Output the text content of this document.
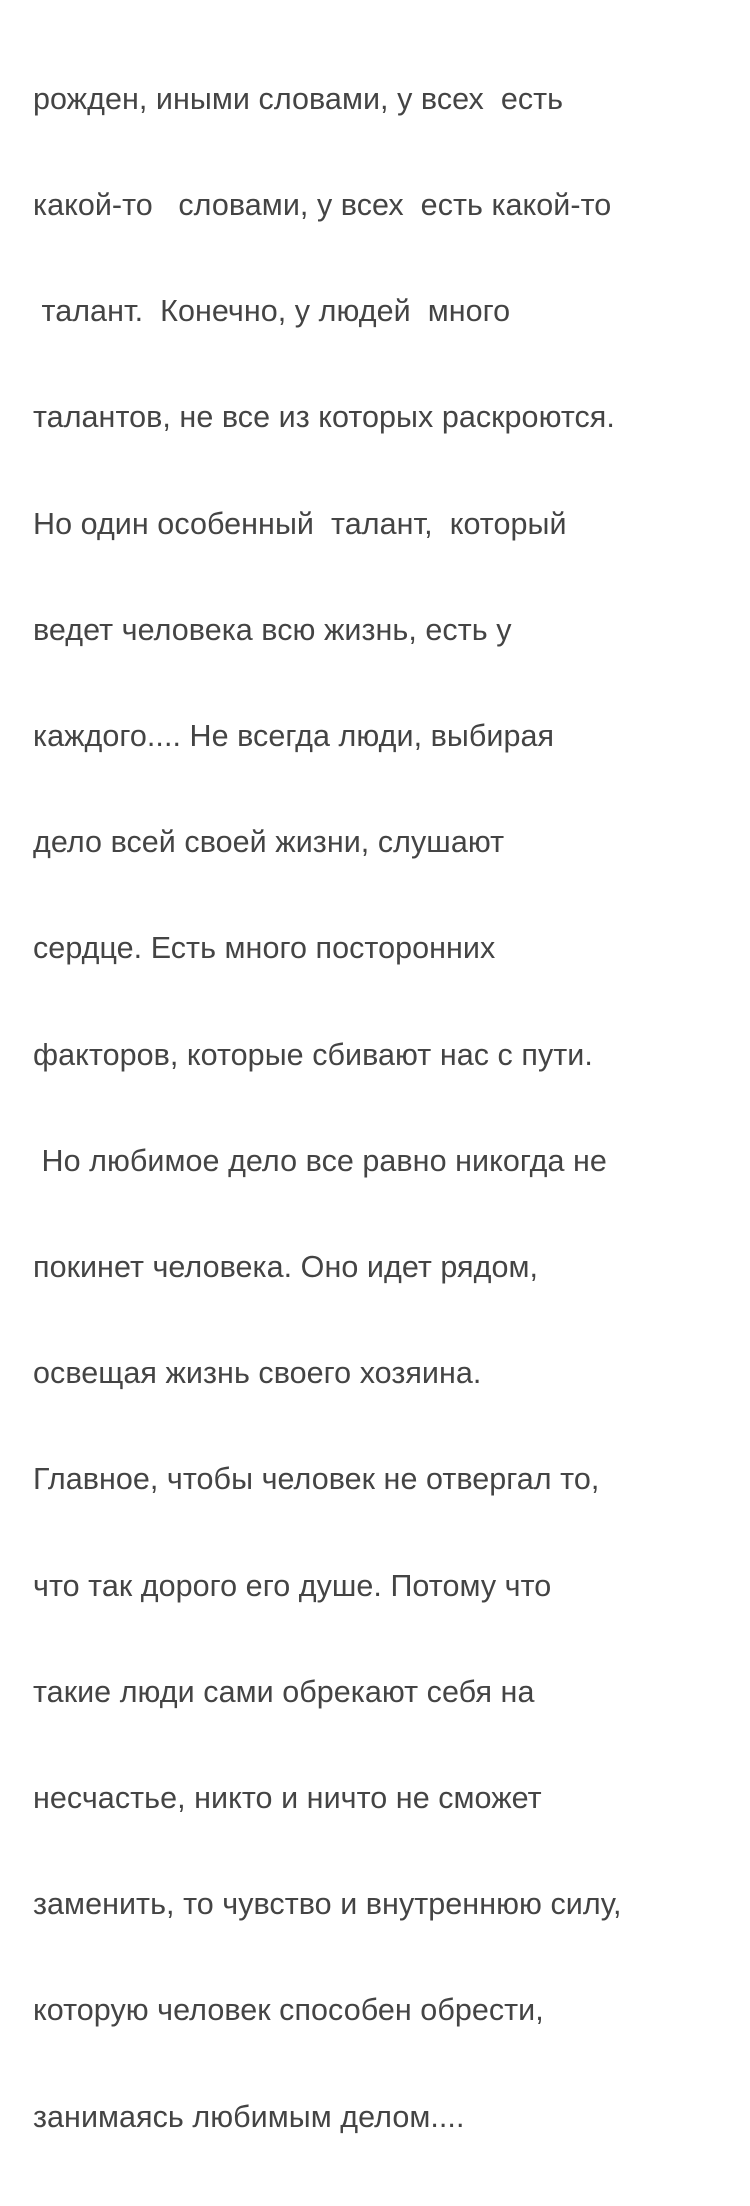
рожден, иными словами, у всех  есть

какой-то   словами, у всех  есть какой-то

талант.  Конечно, у людей  много

талантов, не все из которых раскроются.

Но один особенный  талант,  который

ведет человека всю жизнь, есть у

каждого.... Не всегда люди, выбирая

дело всей своей жизни, слушают

сердце. Есть много посторонних

факторов, которые сбивают нас с пути.

Но любимое дело все равно никогда не

покинет человека. Оно идет рядом,

освещая жизнь своего хозяина.

Главное, чтобы человек не отвергал то,

что так дорого его душе. Потому что

такие люди сами обрекают себя на

несчастье, никто и ничто не сможет

заменить, то чувство и внутреннюю силу,

которую человек способен обрести,

занимаясь любимым делом....
